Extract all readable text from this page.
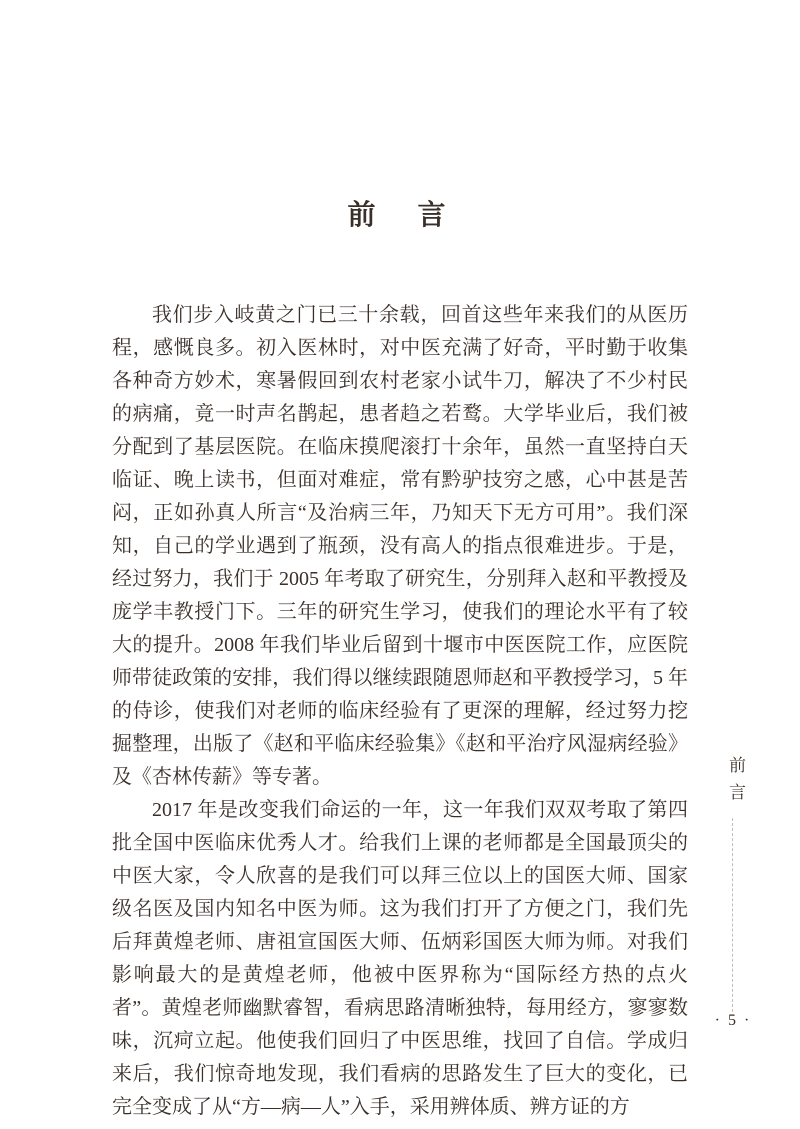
前　言

我们步入岐黄之门已三十余载，回首这些年来我们的从医历程，感慨良多。初入医林时，对中医充满了好奇，平时勤于收集各种奇方妙术，寒暑假回到农村老家小试牛刀，解决了不少村民的病痛，竟一时声名鹊起，患者趋之若鹜。大学毕业后，我们被分配到了基层医院。在临床摸爬滚打十余年，虽然一直坚持白天临证、晚上读书，但面对难症，常有黔驴技穷之感，心中甚是苦闷，正如孙真人所言“及治病三年，乃知天下无方可用”。我们深知，自己的学业遇到了瓶颈，没有高人的指点很难进步。于是，经过努力，我们于 2005 年考取了研究生，分别拜入赵和平教授及庞学丰教授门下。三年的研究生学习，使我们的理论水平有了较大的提升。2008 年我们毕业后留到十堰市中医医院工作，应医院师带徒政策的安排，我们得以继续跟随恩师赵和平教授学习，5 年的侍诊，使我们对老师的临床经验有了更深的理解，经过努力挖掘整理，出版了《赵和平临床经验集》《赵和平治疗风湿病经验》及《杏林传薪》等专著。

2017 年是改变我们命运的一年，这一年我们双双考取了第四批全国中医临床优秀人才。给我们上课的老师都是全国最顶尖的中医大家，令人欣喜的是我们可以拜三位以上的国医大师、国家级名医及国内知名中医为师。这为我们打开了方便之门，我们先后拜黄煌老师、唐祖宣国医大师、伍炳彩国医大师为师。对我们影响最大的是黄煌老师，他被中医界称为“国际经方热的点火者”。黄煌老师幽默睿智，看病思路清晰独特，每用经方，寥寥数味，沉疴立起。他使我们回归了中医思维，找回了自信。学成归来后，我们惊奇地发现，我们看病的思路发生了巨大的变化，已完全变成了从“方—病—人”入手，采用辨体质、辨方证的方

前言
· 5 ·
